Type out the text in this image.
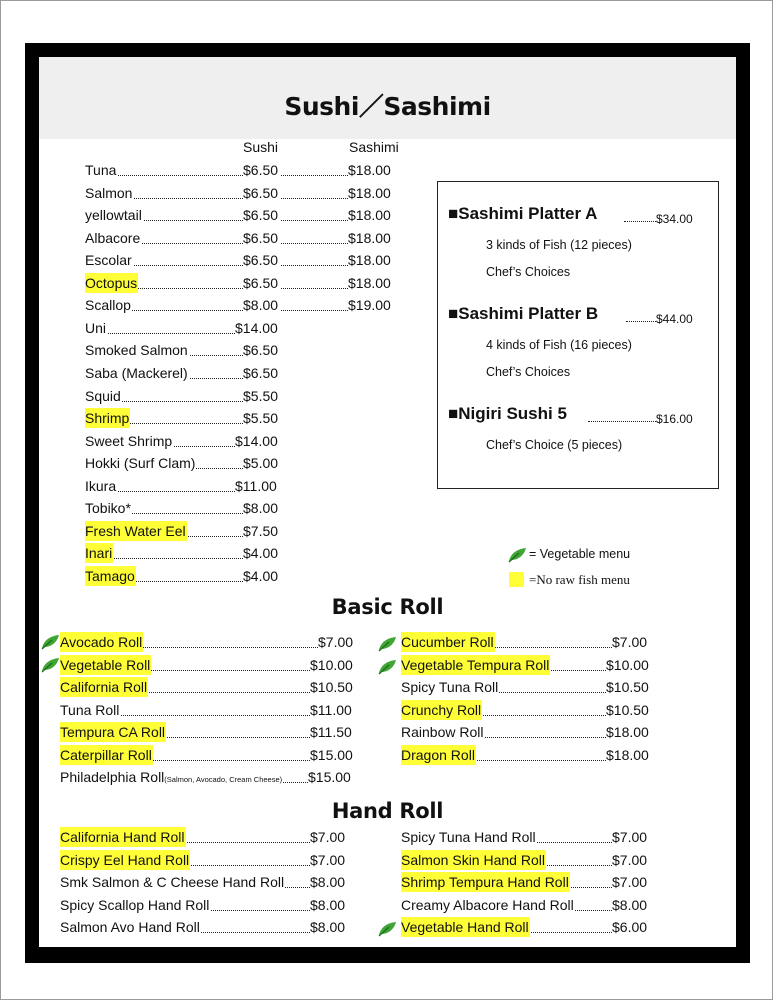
Sushi／Sashimi
Sushi	Sashimi
Tuna	$6.50	$18.00
Salmon	$6.50	$18.00
yellowtail	$6.50	$18.00
Albacore	$6.50	$18.00
Escolar	$6.50	$18.00
Octopus	$6.50	$18.00
Scallop	$8.00	$19.00
Uni	$14.00
Smoked Salmon	$6.50
Saba (Mackerel)	$6.50
Squid	$5.50
Shrimp	$5.50
Sweet Shrimp	$14.00
Hokki (Surf Clam)	$5.00
Ikura	$11.00
Tobiko*	$8.00
Fresh Water Eel	$7.50
Inari	$4.00
Tamago	$4.00
■Sashimi Platter A	$34.00
3 kinds of Fish (12 pieces)
Chef’s Choices
■Sashimi Platter B	$44.00
4 kinds of Fish (16 pieces)
Chef’s Choices
■Nigiri Sushi 5	$16.00
Chef’s Choice (5 pieces)
= Vegetable menu
=No raw fish menu
Basic Roll
Avocado Roll	$7.00
Vegetable Roll	$10.00
California Roll	$10.50
Tuna Roll	$11.00
Tempura CA Roll	$11.50
Caterpillar Roll	$15.00
Philadelphia Roll(Salmon, Avocado, Cream Cheese) $15.00
Cucumber Roll	$7.00
Vegetable Tempura Roll	$10.00
Spicy Tuna Roll	$10.50
Crunchy Roll	$10.50
Rainbow Roll	$18.00
Dragon Roll	$18.00
Hand Roll
California Hand Roll	$7.00
Crispy Eel Hand Roll	$7.00
Smk Salmon & C Cheese Hand Roll $8.00
Spicy Scallop Hand Roll	$8.00
Salmon Avo Hand Roll	$8.00
Spicy Tuna Hand Roll	$7.00
Salmon Skin Hand Roll	$7.00
Shrimp Tempura Hand Roll	$7.00
Creamy Albacore Hand Roll	$8.00
Vegetable Hand Roll	$6.00
